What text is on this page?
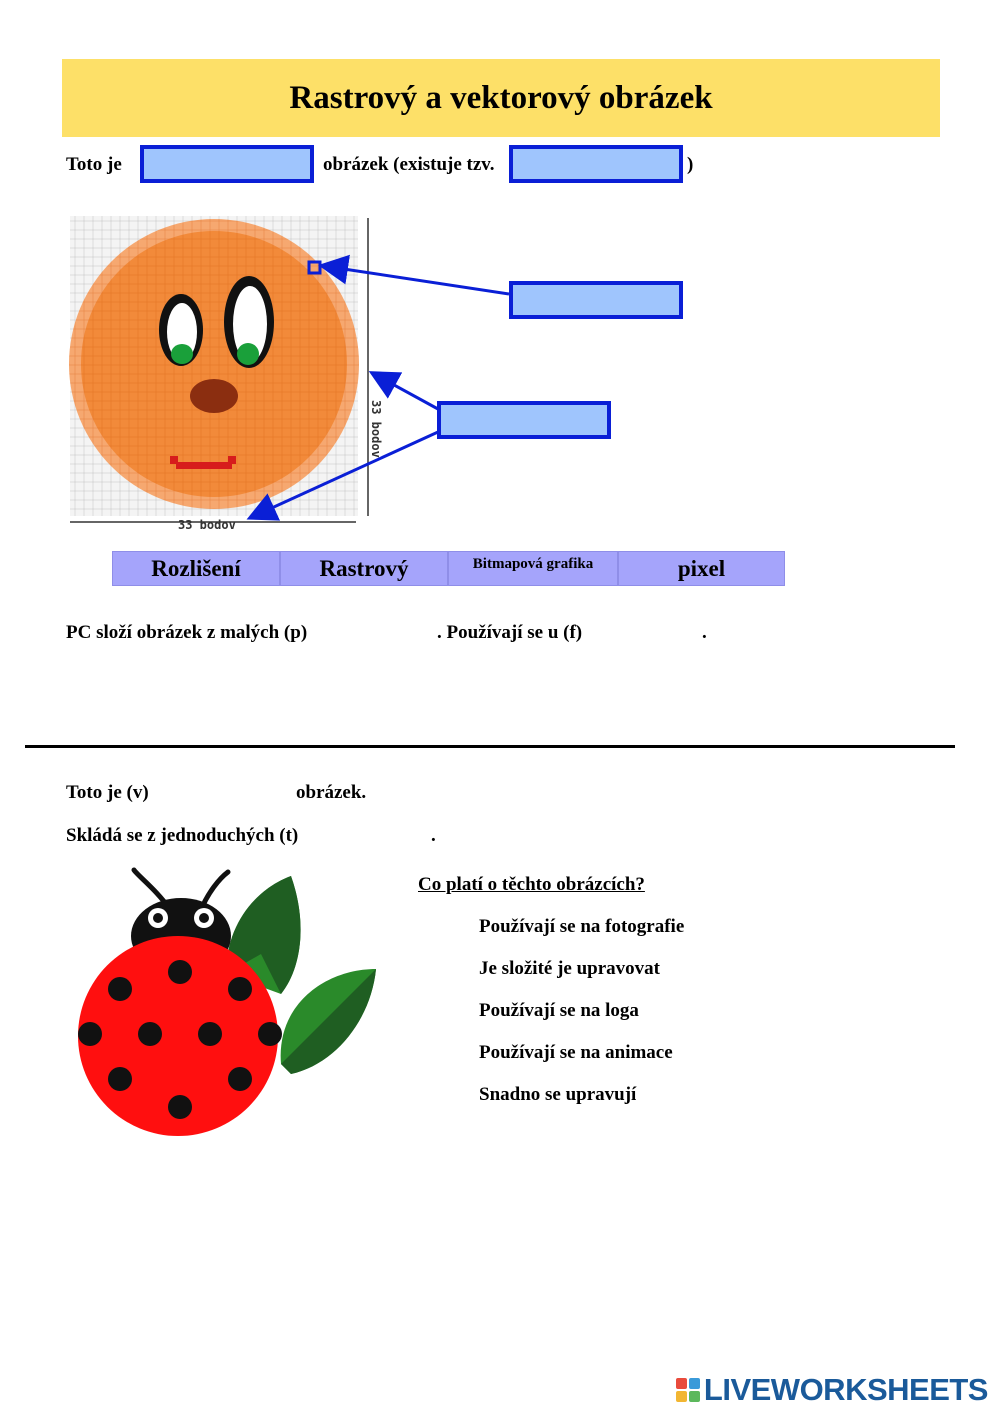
Rastrový a vektorový obrázek
Toto je	obrázek (existuje tzv.	)
33 bodov
33 bodov
Rozlišení	Rastrový	Bitmapová grafika	pixel
PC složí obrázek z malých (p)	. Používají se u (f)	.
Toto je (v)	obrázek.
Skládá se z jednoduchých (t)	.
Co platí o těchto obrázcích?
Používají se na fotografie
Je složité je upravovat
Používají se na loga
Používají se na animace
Snadno se upravují
LIVEWORKSHEETS
